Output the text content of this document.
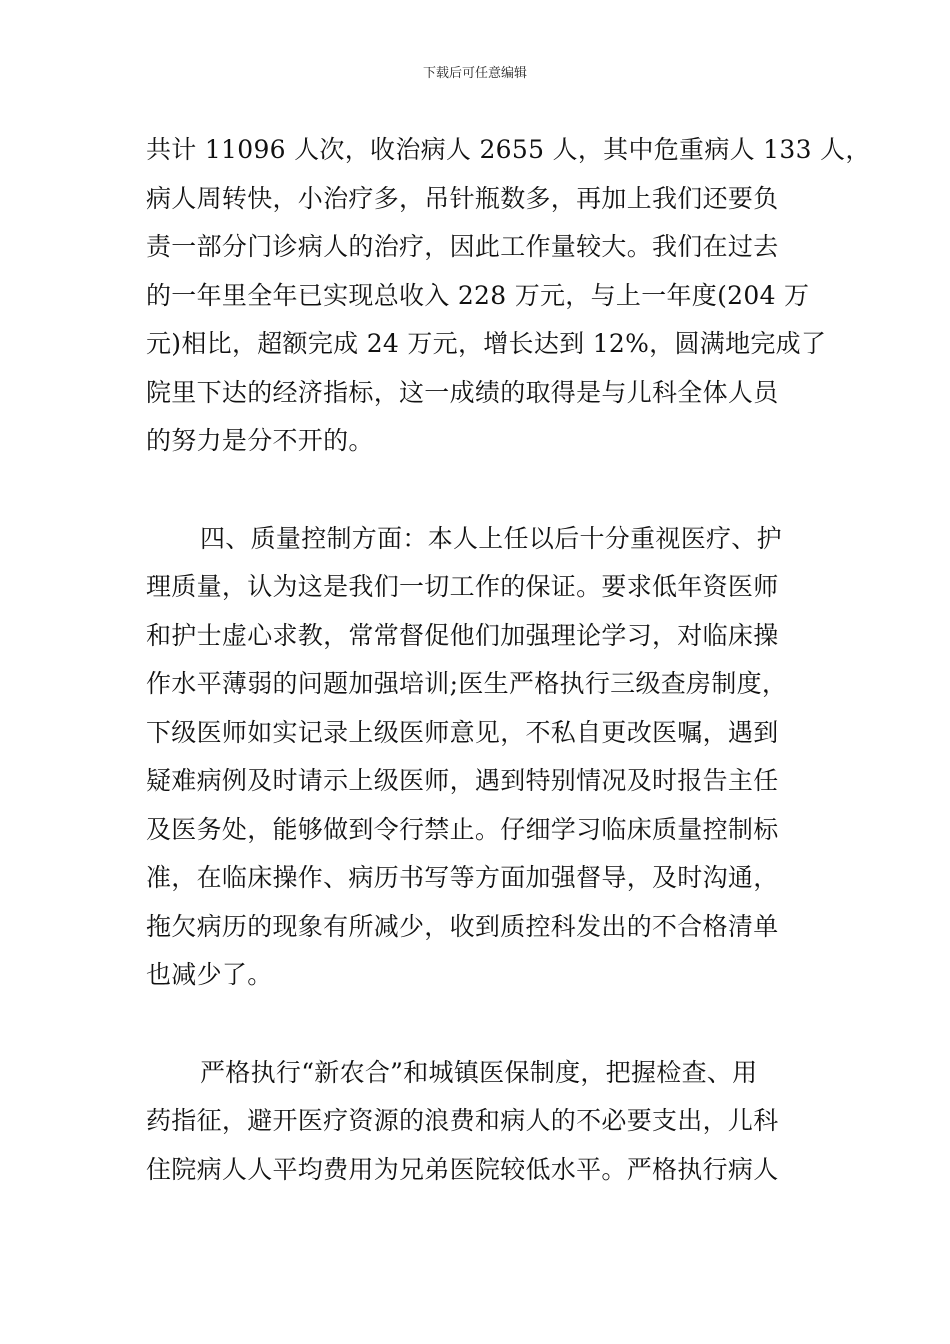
下载后可任意编辑
共计 11096 人次，收治病人 2655 人，其中危重病人 133 人，
病人周转快，小治疗多，吊针瓶数多，再加上我们还要负
责一部分门诊病人的治疗，因此工作量较大。我们在过去
的一年里全年已实现总收入 228 万元，与上一年度(204 万
元)相比，超额完成 24 万元，增长达到 12%，圆满地完成了
院里下达的经济指标，这一成绩的取得是与儿科全体人员
的努力是分不开的。
四、质量控制方面：本人上任以后十分重视医疗、护
理质量，认为这是我们一切工作的保证。要求低年资医师
和护士虚心求教，常常督促他们加强理论学习，对临床操
作水平薄弱的问题加强培训;医生严格执行三级查房制度，
下级医师如实记录上级医师意见，不私自更改医嘱，遇到
疑难病例及时请示上级医师，遇到特别情况及时报告主任
及医务处，能够做到令行禁止。仔细学习临床质量控制标
准，在临床操作、病历书写等方面加强督导，及时沟通，
拖欠病历的现象有所减少，收到质控科发出的不合格清单
也减少了。
严格执行“新农合”和城镇医保制度，把握检查、用
药指征，避开医疗资源的浪费和病人的不必要支出，儿科
住院病人人平均费用为兄弟医院较低水平。严格执行病人
